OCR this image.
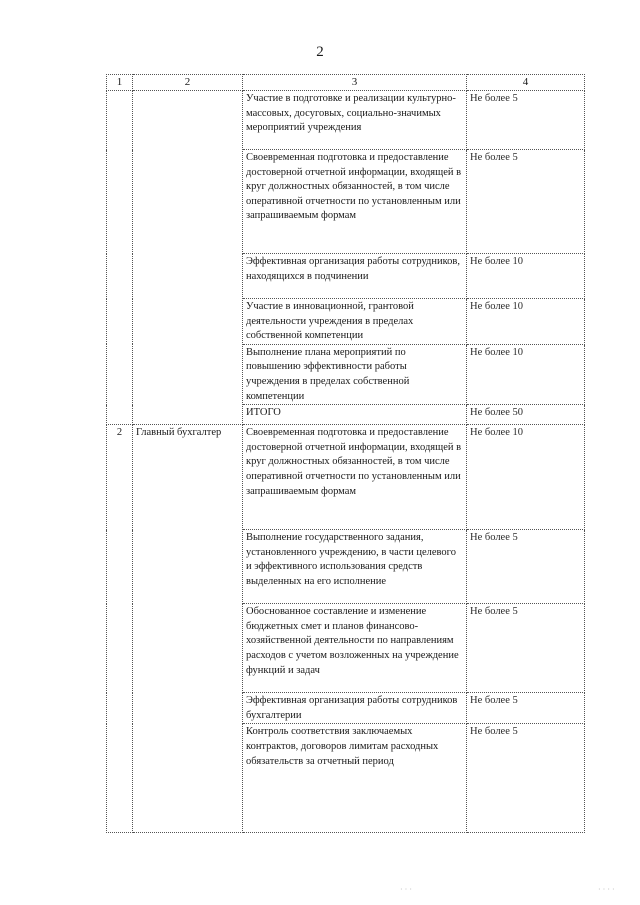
2
1	2	3	4
		Участие в подготовке и реализации культурно-массовых, досуговых, социально-значимых мероприятий учреждения	Не более 5
		Своевременная подготовка и предоставление достоверной отчетной информации, входящей в круг должностных обязанностей, в том числе оперативной отчетности по установленным или запрашиваемым формам	Не более 5
		Эффективная организация работы сотрудников, находящихся в подчинении	Не более 10
		Участие в инновационной, грантовой деятельности учреждения в пределах собственной компетенции	Не более 10
		Выполнение плана мероприятий по повышению эффективности работы учреждения в пределах собственной компетенции	Не более 10
		ИТОГО	Не более 50
2	Главный бухгалтер	Своевременная подготовка и предоставление достоверной отчетной информации, входящей в круг должностных обязанностей, в том числе оперативной отчетности по установленным или запрашиваемым формам	Не более 10
		Выполнение государственного задания, установленного учреждению, в части целевого и эффективного использования средств выделенных на его исполнение	Не более 5
		Обоснованное составление и изменение бюджетных смет и планов финансово-хозяйственной деятельности по направлениям расходов с учетом возложенных на учреждение функций и задач	Не более 5
		Эффективная организация работы сотрудников бухгалтерии	Не более 5
		Контроль соответствия заключаемых контрактов, договоров лимитам расходных обязательств за отчетный период	Не более 5
· · ·	· · · ·
